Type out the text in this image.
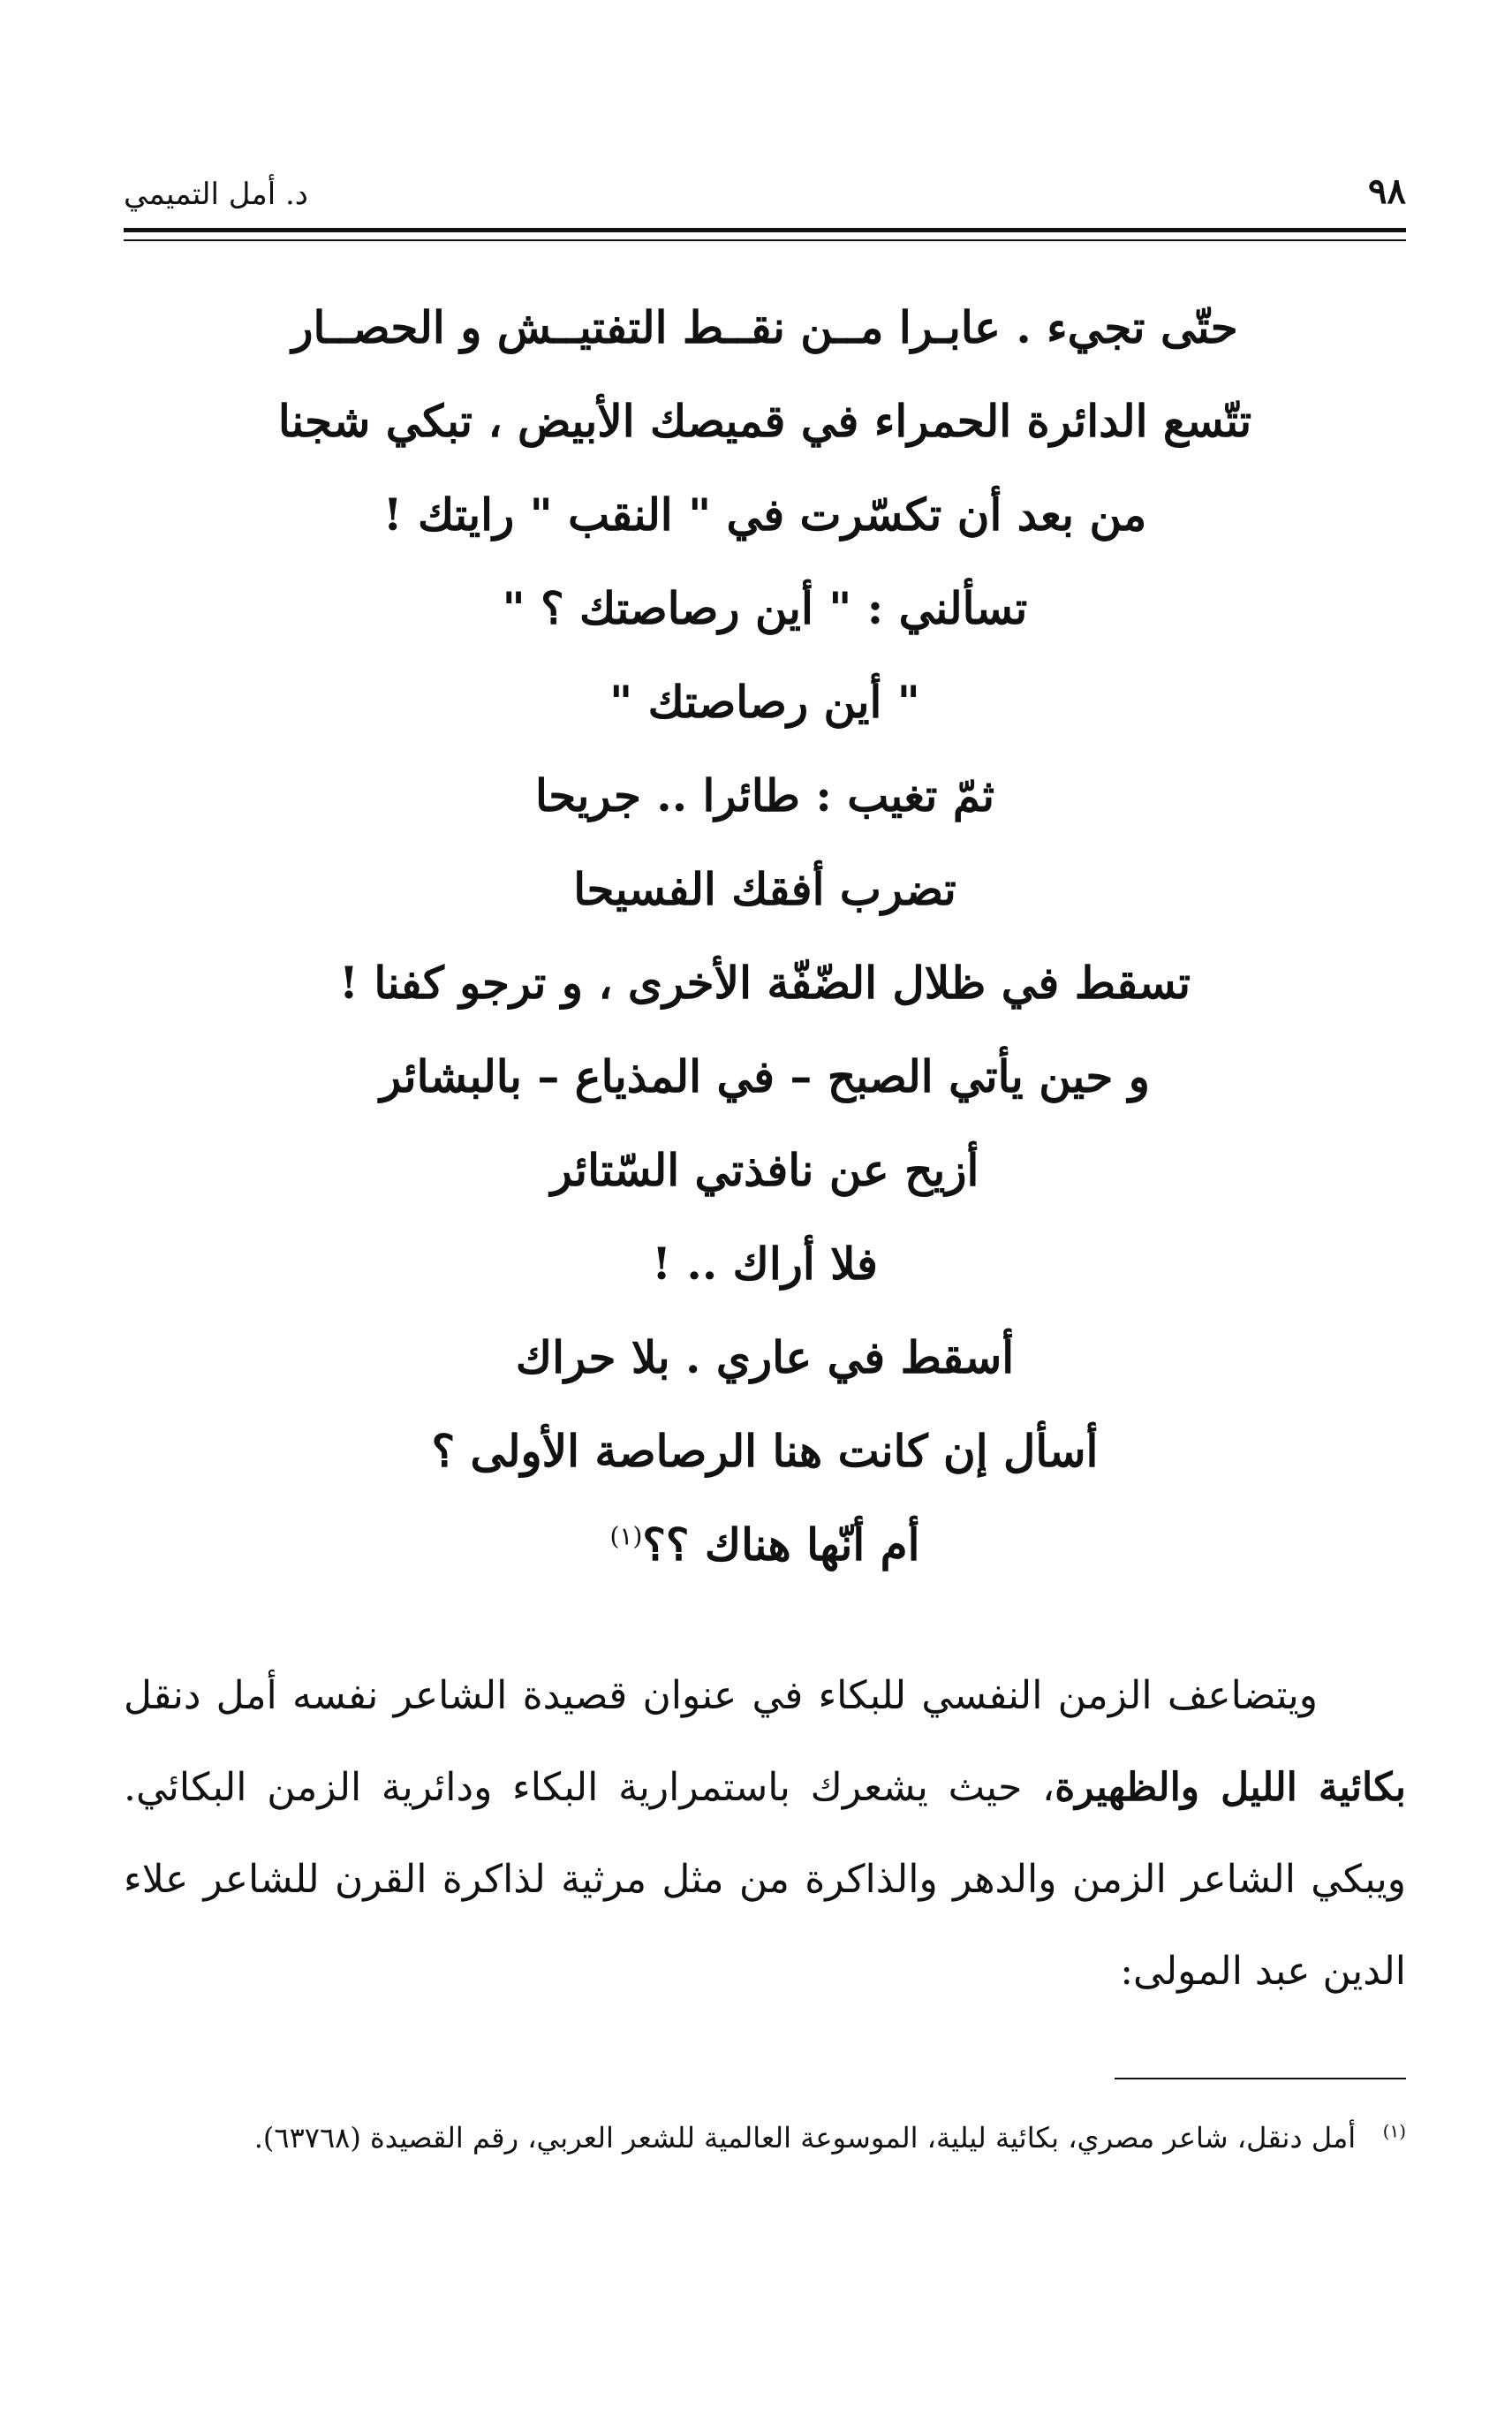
د. أمل التميمي	٩٨
حتّى تجيء . عابـرا مــن نقــط التفتيــش و الحصــار
تتّسع الدائرة الحمراء في قميصك الأبيض ، تبكي شجنا
من بعد أن تكسّرت في " النقب " رايتك !
تسألني : " أين رصاصتك ؟ "
" أين رصاصتك "
ثمّ تغيب : طائرا .. جريحا
تضرب أفقك الفسيحا
تسقط في ظلال الضّفّة الأخرى ، و ترجو كفنا !
و حين يأتي الصبح – في المذياع – بالبشائر
أزيح عن نافذتي السّتائر
فلا أراك .. !
أسقط في عاري . بلا حراك
أسأل إن كانت هنا الرصاصة الأولى ؟
أم أنّها هناك ؟؟$^{(١)}$
ويتضاعف الزمن النفسي للبكاء في عنوان قصيدة الشاعر نفسه أمل دنقل بكائية الليل والظهيرة، حيث يشعرك باستمرارية البكاء ودائرية الزمن البكائي. ويبكي الشاعر الزمن والدهر والذاكرة من مثل مرثية لذاكرة القرن للشاعر علاء الدين عبد المولى:
$^{(١)}$   أمل دنقل، شاعر مصري، بكائية ليلية، الموسوعة العالمية للشعر العربي، رقم القصيدة (٦٣٧٦٨).
